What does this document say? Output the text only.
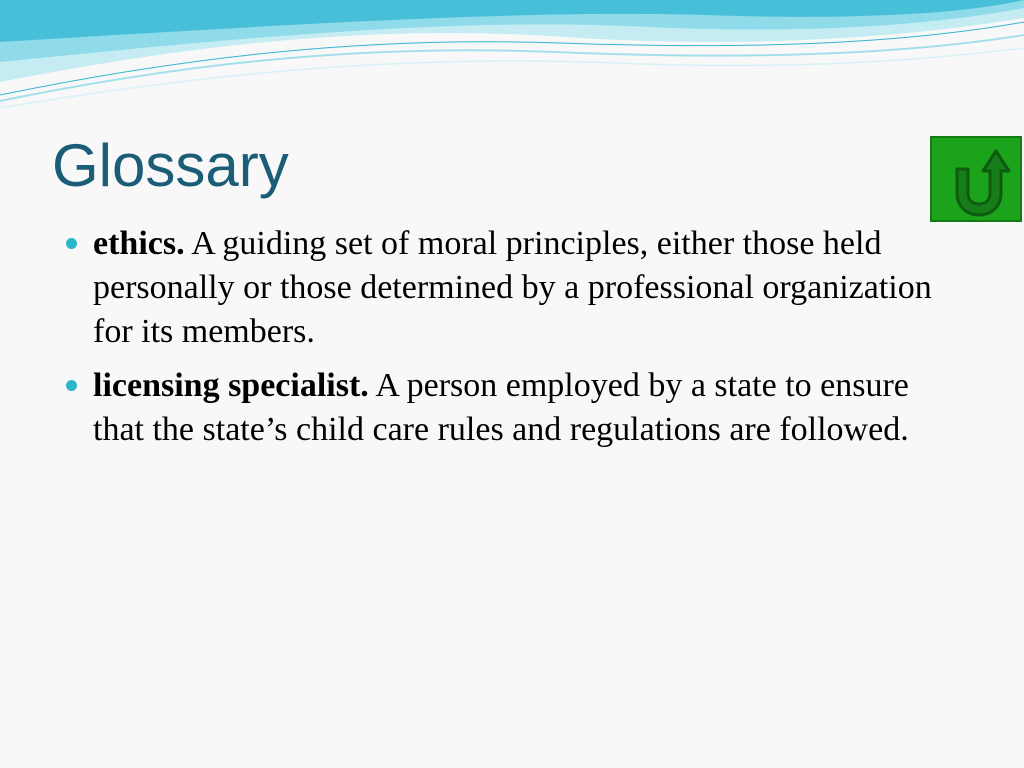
Glossary
ethics. A guiding set of moral principles, either those held personally or those determined by a professional organization for its members.
licensing specialist. A person employed by a state to ensure that the state’s child care rules and regulations are followed.
